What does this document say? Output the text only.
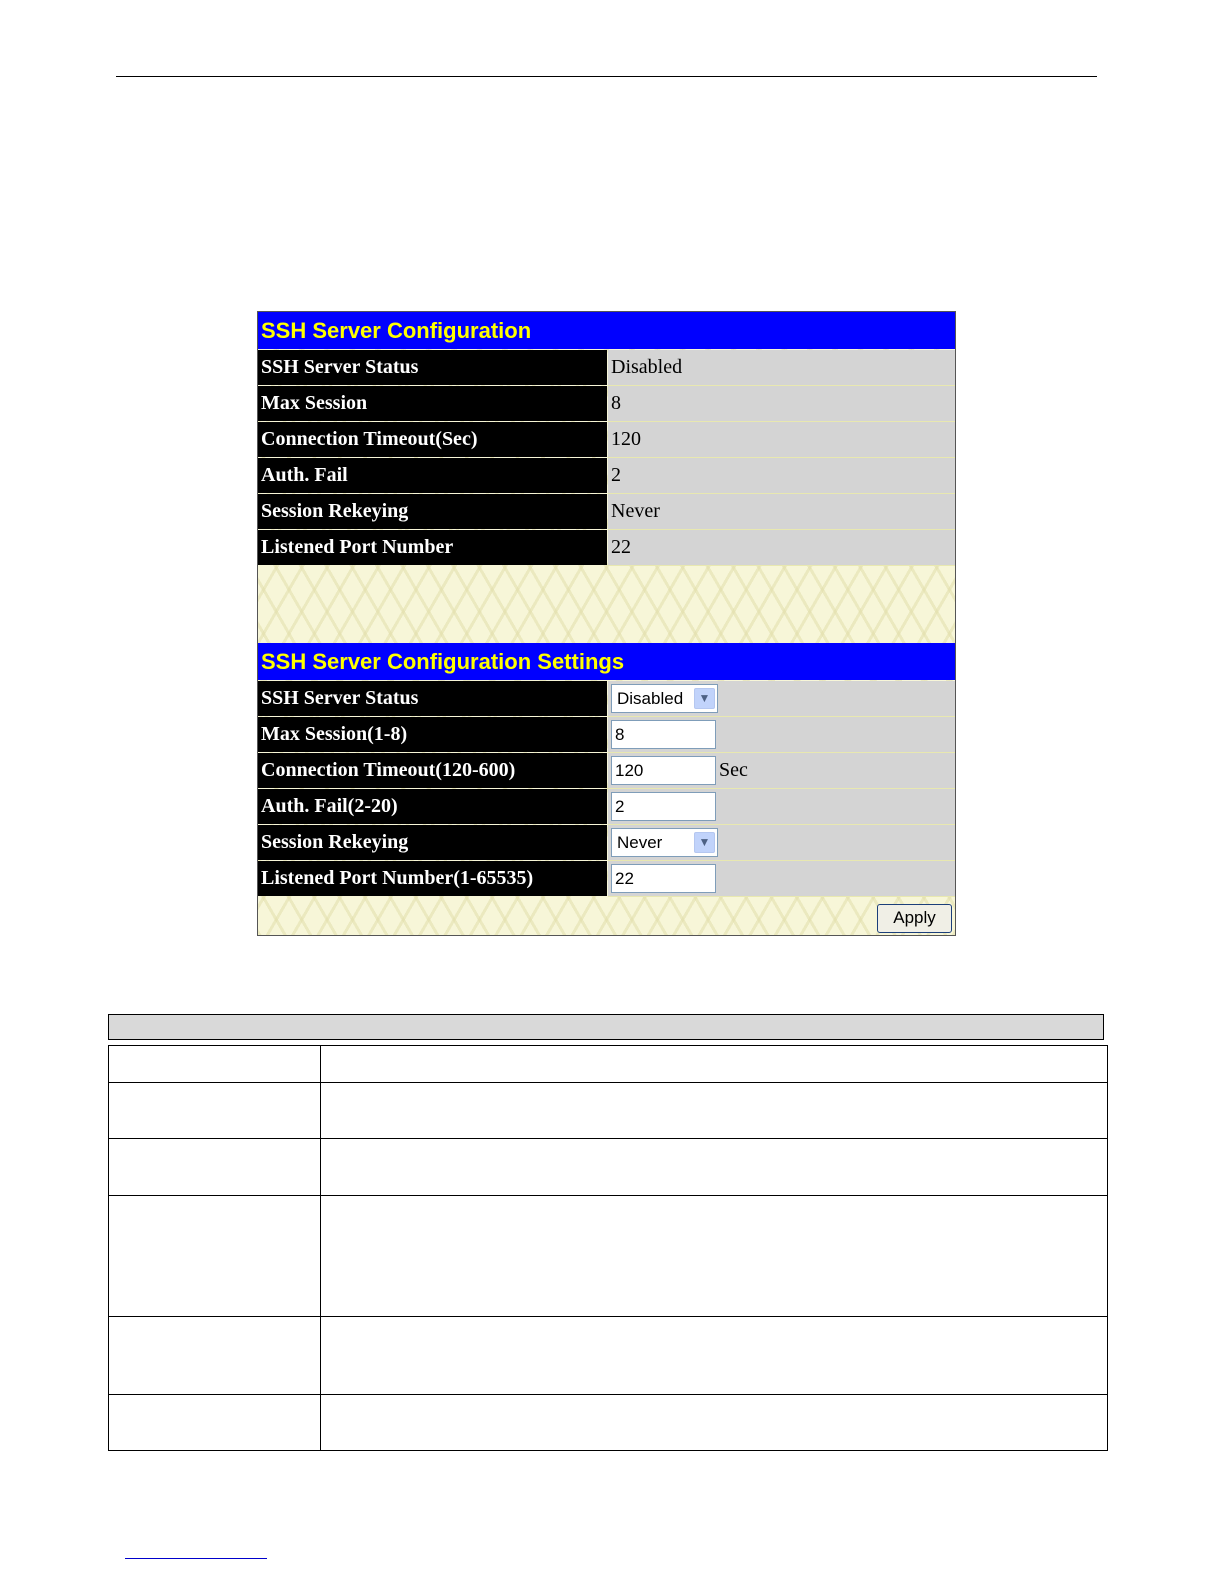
SSH Server Configuration
SSH Server Status	Disabled
Max Session	8
Connection Timeout(Sec)	120
Auth. Fail	2
Session Rekeying	Never
Listened Port Number	22
SSH Server Configuration Settings
SSH Server Status	Disabled	▼
Max Session(1-8)	8
Connection Timeout(120-600)	120	Sec
Auth. Fail(2-20)	2
Session Rekeying	Never	▼
Listened Port Number(1-65535)	22
Apply
